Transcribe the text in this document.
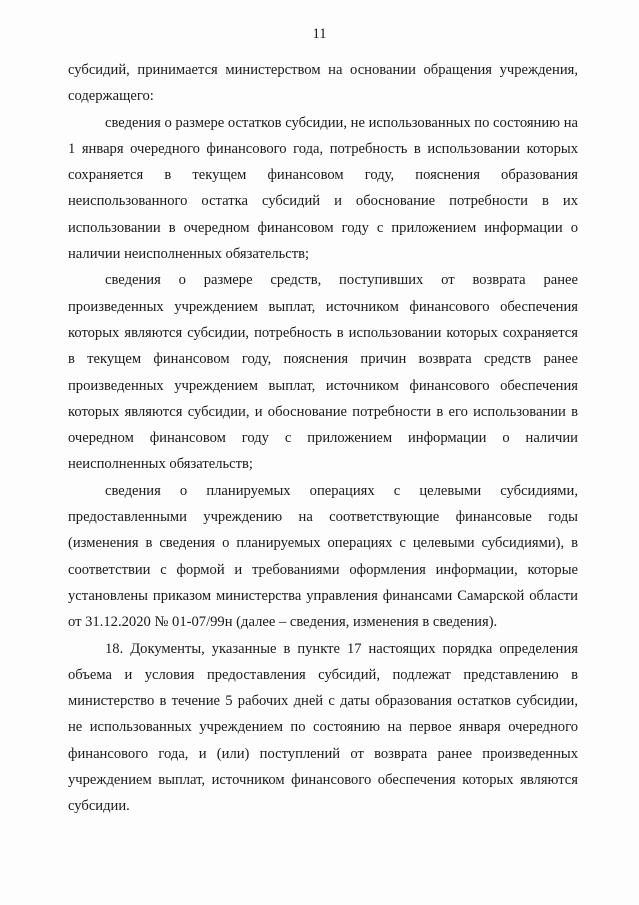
11

субсидий, принимается министерством на основании обращения учреждения, содержащего:

сведения о размере остатков субсидии, не использованных по состоянию на 1 января очередного финансового года, потребность в использовании которых сохраняется в текущем финансовом году, пояснения образования неиспользованного остатка субсидий и обоснование потребности в их использовании в очередном финансовом году с приложением информации о наличии неисполненных обязательств;

сведения о размере средств, поступивших от возврата ранее произведенных учреждением выплат, источником финансового обеспечения которых являются субсидии, потребность в использовании которых сохраняется в текущем финансовом году, пояснения причин возврата средств ранее произведенных учреждением выплат, источником финансового обеспечения которых являются субсидии, и обоснование потребности в его использовании в очередном финансовом году с приложением информации о наличии неисполненных обязательств;

сведения о планируемых операциях с целевыми субсидиями, предоставленными учреждению на соответствующие финансовые годы (изменения в сведения о планируемых операциях с целевыми субсидиями), в соответствии с формой и требованиями оформления информации, которые установлены приказом министерства управления финансами Самарской области от 31.12.2020 № 01-07/99н (далее – сведения, изменения в сведения).

18. Документы, указанные в пункте 17 настоящих порядка определения объема и условия предоставления субсидий, подлежат представлению в министерство в течение 5 рабочих дней с даты образования остатков субсидии, не использованных учреждением по состоянию на первое января очередного финансового года, и (или) поступлений от возврата ранее произведенных учреждением выплат, источником финансового обеспечения которых являются субсидии.
